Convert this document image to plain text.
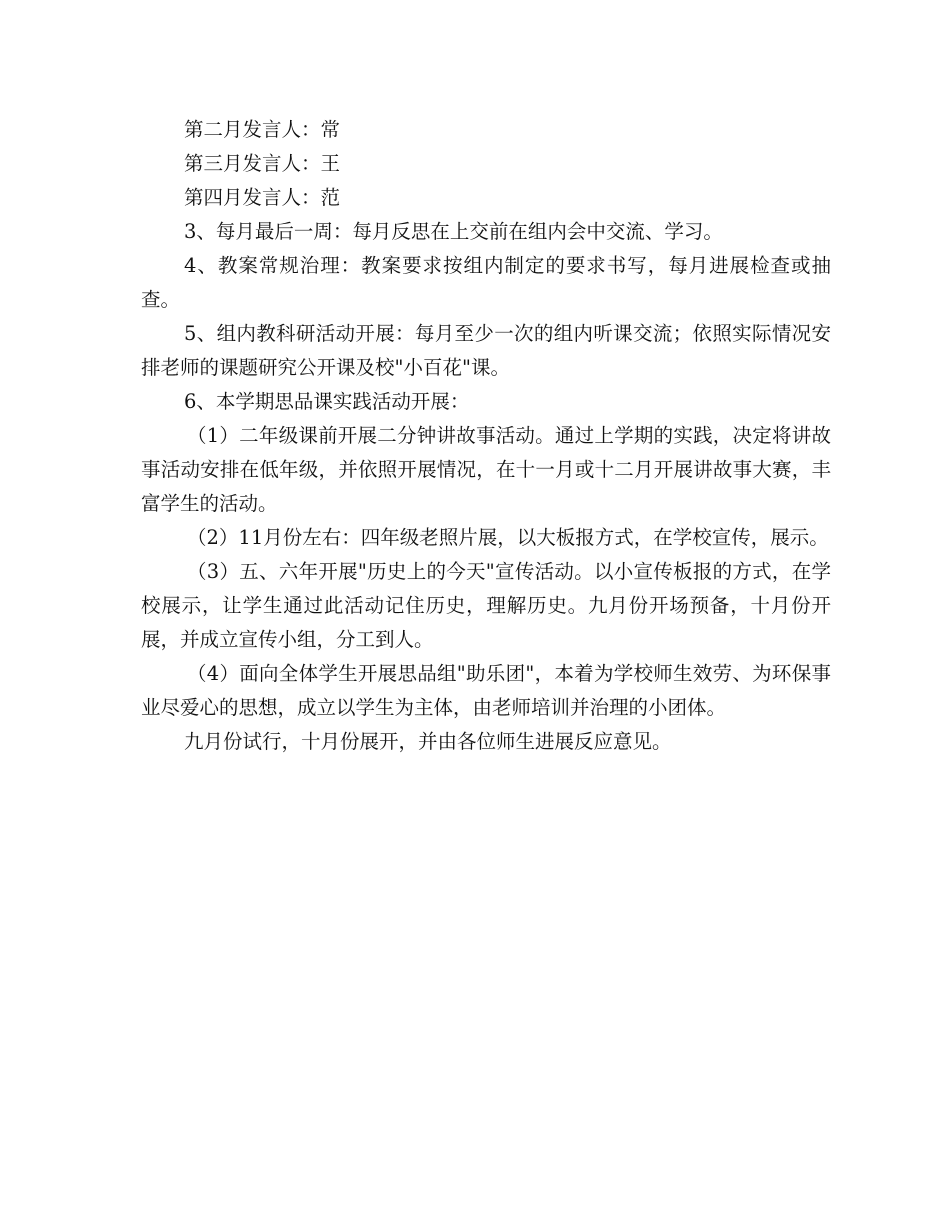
第二月发言人：常

第三月发言人：王

第四月发言人：范

3、每月最后一周：每月反思在上交前在组内会中交流、学习。

4、教案常规治理：教案要求按组内制定的要求书写，每月进展检查或抽查。

5、组内教科研活动开展：每月至少一次的组内听课交流；依照实际情况安排老师的课题研究公开课及校"小百花"课。

6、本学期思品课实践活动开展：

（1）二年级课前开展二分钟讲故事活动。通过上学期的实践，决定将讲故事活动安排在低年级，并依照开展情况，在十一月或十二月开展讲故事大赛，丰富学生的活动。

（2）11月份左右：四年级老照片展，以大板报方式，在学校宣传，展示。

（3）五、六年开展"历史上的今天"宣传活动。以小宣传板报的方式，在学校展示，让学生通过此活动记住历史，理解历史。九月份开场预备，十月份开展，并成立宣传小组，分工到人。

（4）面向全体学生开展思品组"助乐团"，本着为学校师生效劳、为环保事业尽爱心的思想，成立以学生为主体，由老师培训并治理的小团体。

九月份试行，十月份展开，并由各位师生进展反应意见。
